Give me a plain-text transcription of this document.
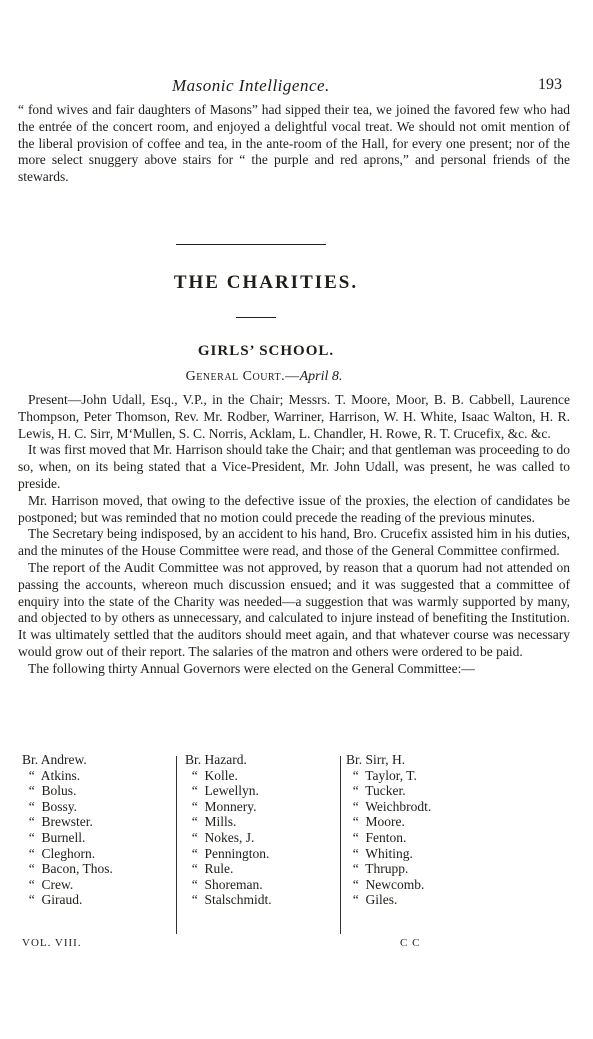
Masonic Intelligence.	193

“ fond wives and fair daughters of Masons” had sipped their tea, we joined the favored few who had the entrée of the concert room, and enjoyed a delightful vocal treat. We should not omit mention of the liberal provision of coffee and tea, in the ante-room of the Hall, for every one present; nor of the more select snuggery above stairs for “ the purple and red aprons,” and personal friends of the stewards.

THE CHARITIES.
GIRLS’ SCHOOL.
General Court.—April 8.
Present—John Udall, Esq., V.P., in the Chair; Messrs. T. Moore, Moor, B. B. Cabbell, Laurence Thompson, Peter Thomson, Rev. Mr. Rodber, Warriner, Harrison, W. H. White, Isaac Walton, H. R. Lewis, H. C. Sirr, M‘Mullen, S. C. Norris, Acklam, L. Chandler, H. Rowe, R. T. Crucefix, &c. &c.
It was first moved that Mr. Harrison should take the Chair; and that gentleman was proceeding to do so, when, on its being stated that a Vice-President, Mr. John Udall, was present, he was called to preside.
Mr. Harrison moved, that owing to the defective issue of the proxies, the election of candidates be postponed; but was reminded that no motion could precede the reading of the previous minutes.
The Secretary being indisposed, by an accident to his hand, Bro. Crucefix assisted him in his duties, and the minutes of the House Committee were read, and those of the General Committee confirmed.
The report of the Audit Committee was not approved, by reason that a quorum had not attended on passing the accounts, whereon much discussion ensued; and it was suggested that a committee of enquiry into the state of the Charity was needed—a suggestion that was warmly supported by many, and objected to by others as unnecessary, and calculated to injure instead of benefiting the Institution. It was ultimately settled that the auditors should meet again, and that whatever course was necessary would grow out of their report. The salaries of the matron and others were ordered to be paid.
The following thirty Annual Governors were elected on the General Committee:—
Br. Andrew.
“  Atkins.
“  Bolus.
“  Bossy.
“  Brewster.
“  Burnell.
“  Cleghorn.
“  Bacon, Thos.
“  Crew.
“  Giraud.
Br. Hazard.
“  Kolle.
“  Lewellyn.
“  Monnery.
“  Mills.
“  Nokes, J.
“  Pennington.
“  Rule.
“  Shoreman.
“  Stalschmidt.
Br. Sirr, H.
“  Taylor, T.
“  Tucker.
“  Weichbrodt.
“  Moore.
“  Fenton.
“  Whiting.
“  Thrupp.
“  Newcomb.
“  Giles.
VOL. VIII.	C C
